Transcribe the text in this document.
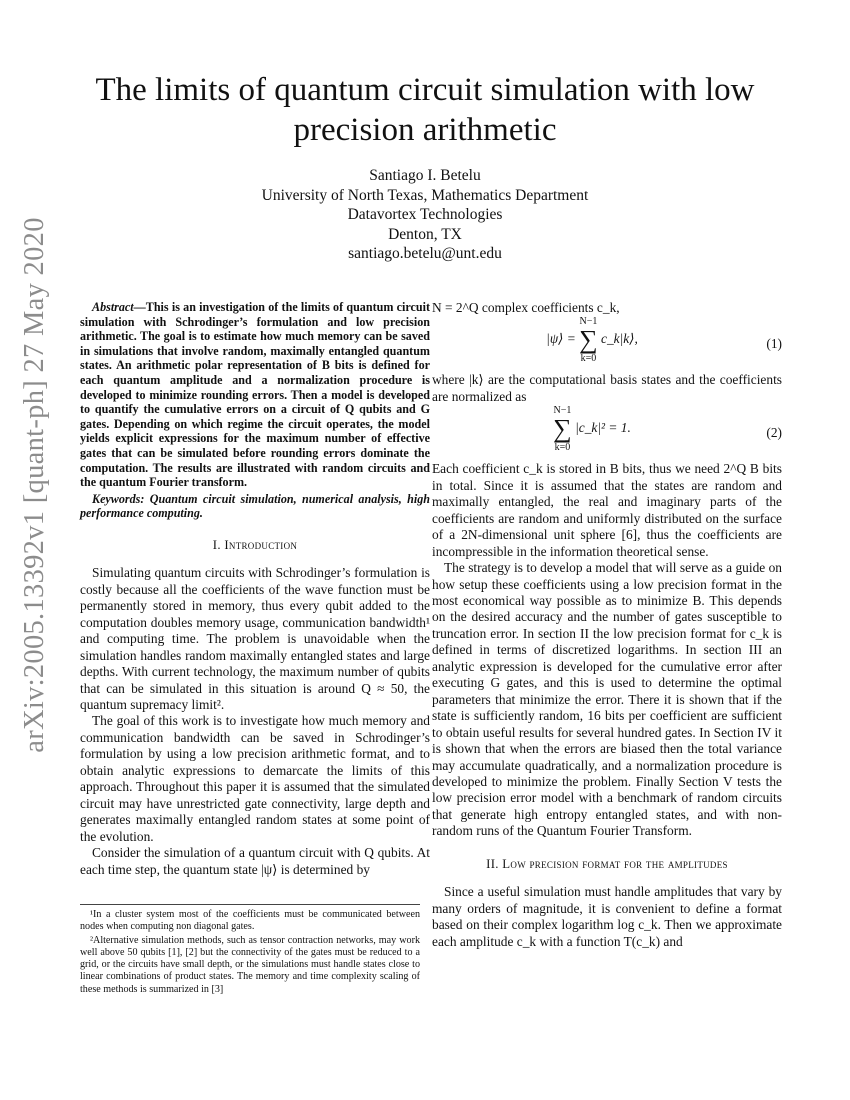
arXiv:2005.13392v1 [quant-ph] 27 May 2020
The limits of quantum circuit simulation with low precision arithmetic
Santiago I. Betelu
University of North Texas, Mathematics Department
Datavortex Technologies
Denton, TX
santiago.betelu@unt.edu

Abstract—This is an investigation of the limits of quantum circuit simulation with Schrodinger’s formulation and low precision arithmetic. The goal is to estimate how much memory can be saved in simulations that involve random, maximally entangled quantum states. An arithmetic polar representation of B bits is defined for each quantum amplitude and a normalization procedure is developed to minimize rounding errors. Then a model is developed to quantify the cumulative errors on a circuit of Q qubits and G gates. Depending on which regime the circuit operates, the model yields explicit expressions for the maximum number of effective gates that can be simulated before rounding errors dominate the computation. The results are illustrated with random circuits and the quantum Fourier transform.

Keywords: Quantum circuit simulation, numerical analysis, high performance computing.

I. Introduction

Simulating quantum circuits with Schrodinger’s formulation is costly because all the coefficients of the wave function must be permanently stored in memory, thus every qubit added to the computation doubles memory usage, communication bandwidth¹ and computing time. The problem is unavoidable when the simulation handles random maximally entangled states and large depths. With current technology, the maximum number of qubits that can be simulated in this situation is around Q ≈ 50, the quantum supremacy limit².

The goal of this work is to investigate how much memory and communication bandwidth can be saved in Schrodinger’s formulation by using a low precision arithmetic format, and to obtain analytic expressions to demarcate the limits of this approach. Throughout this paper it is assumed that the simulated circuit may have unrestricted gate connectivity, large depth and generates maximally entangled random states at some point of the evolution.

Consider the simulation of a quantum circuit with Q qubits. At each time step, the quantum state |ψ⟩ is determined by

N = 2^Q complex coefficients c_k,

|ψ⟩ =
N−1
∑
k=0
c_k|k⟩,	(1)

where |k⟩ are the computational basis states and the coefficients are normalized as

N−1
∑
k=0
|c_k|² = 1.	(2)

Each coefficient c_k is stored in B bits, thus we need 2^Q B bits in total. Since it is assumed that the states are random and maximally entangled, the real and imaginary parts of the coefficients are random and uniformly distributed on the surface of a 2N-dimensional unit sphere [6], thus the coefficients are incompressible in the information theoretical sense.

The strategy is to develop a model that will serve as a guide on how setup these coefficients using a low precision format in the most economical way possible as to minimize B. This depends on the desired accuracy and the number of gates susceptible to truncation error. In section II the low precision format for c_k is defined in terms of discretized logarithms. In section III an analytic expression is developed for the cumulative error after executing G gates, and this is used to determine the optimal parameters that minimize the error. There it is shown that if the state is sufficiently random, 16 bits per coefficient are sufficient to obtain useful results for several hundred gates. In Section IV it is shown that when the errors are biased then the total variance may accumulate quadratically, and a normalization procedure is developed to minimize the problem. Finally Section V tests the low precision error model with a benchmark of random circuits that generate high entropy entangled states, and with non-random runs of the Quantum Fourier Transform.

II. Low precision format for the amplitudes

Since a useful simulation must handle amplitudes that vary by many orders of magnitude, it is convenient to define a format based on their complex logarithm log c_k. Then we approximate each amplitude c_k with a function T(c_k) and

¹In a cluster system most of the coefficients must be communicated between nodes when computing non diagonal gates.

²Alternative simulation methods, such as tensor contraction networks, may work well above 50 qubits [1], [2] but the connectivity of the gates must be reduced to a grid, or the circuits have small depth, or the simulations must handle states close to linear combinations of product states. The memory and time complexity scaling of these methods is summarized in [3]
